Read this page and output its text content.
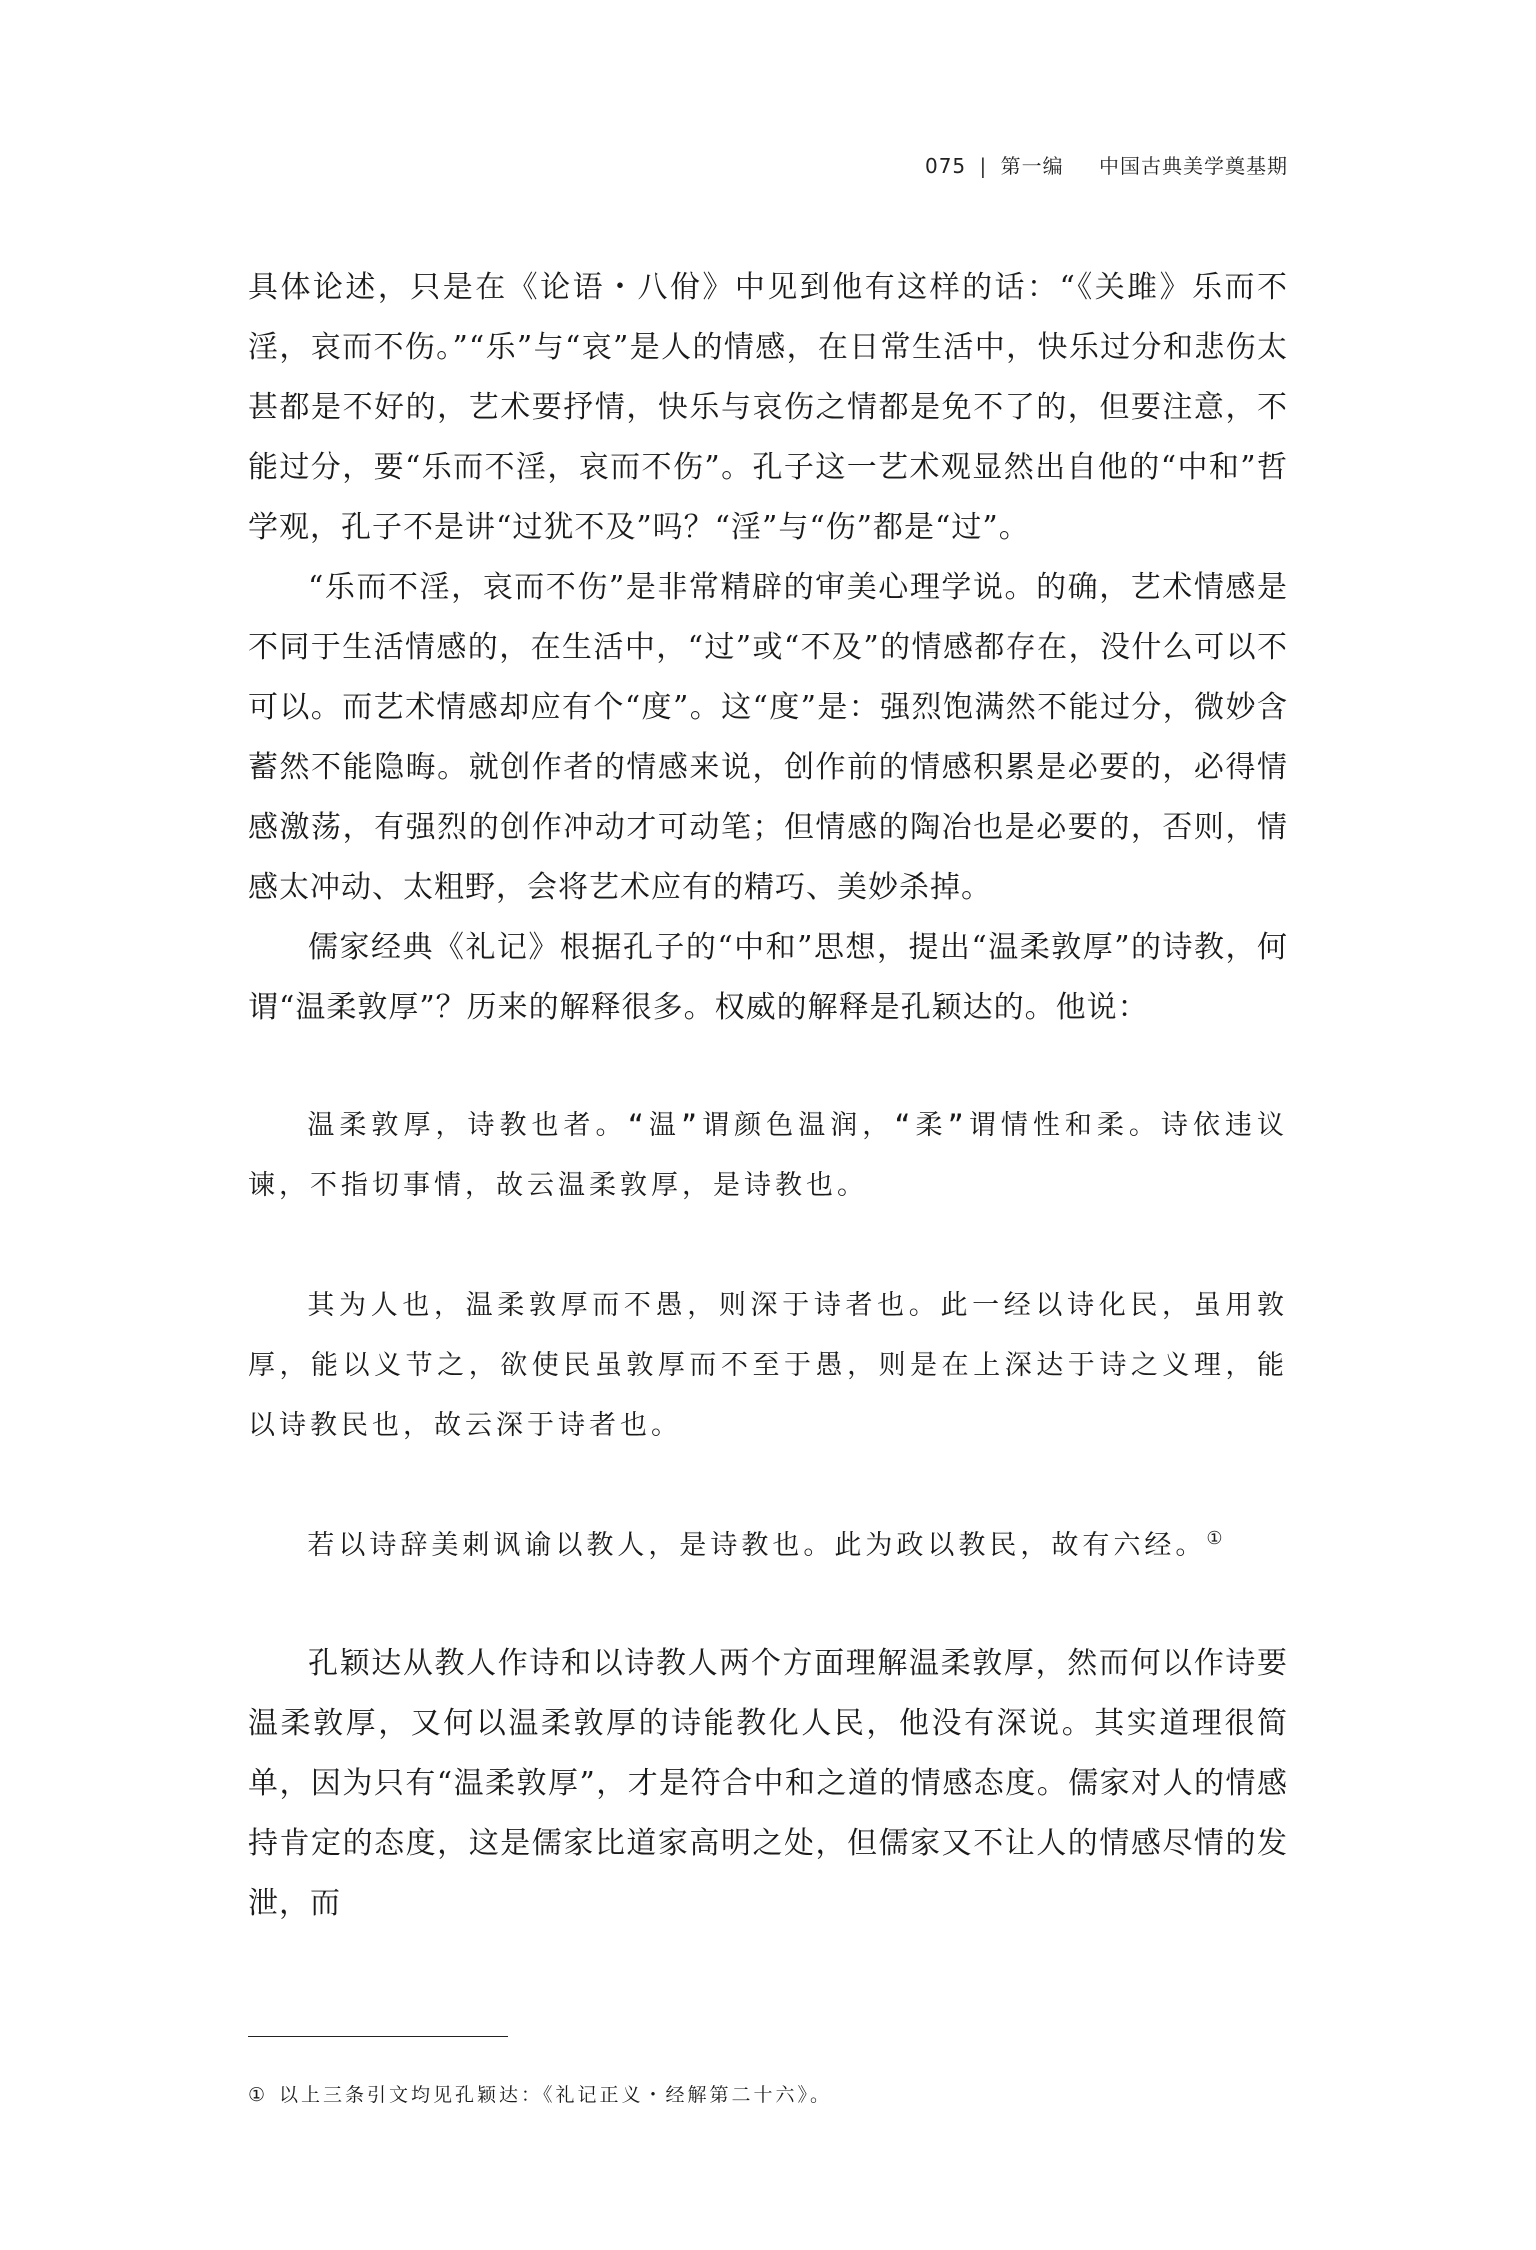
075 | 第一编 中国古典美学奠基期

具体论述，只是在《论语・八佾》中见到他有这样的话：“《关雎》乐而不淫，哀而不伤。”“乐”与“哀”是人的情感，在日常生活中，快乐过分和悲伤太甚都是不好的，艺术要抒情，快乐与哀伤之情都是免不了的，但要注意，不能过分，要“乐而不淫，哀而不伤”。孔子这一艺术观显然出自他的“中和”哲学观，孔子不是讲“过犹不及”吗？“淫”与“伤”都是“过”。

“乐而不淫，哀而不伤”是非常精辟的审美心理学说。的确，艺术情感是不同于生活情感的，在生活中，“过”或“不及”的情感都存在，没什么可以不可以。而艺术情感却应有个“度”。这“度”是：强烈饱满然不能过分，微妙含蓄然不能隐晦。就创作者的情感来说，创作前的情感积累是必要的，必得情感激荡，有强烈的创作冲动才可动笔；但情感的陶冶也是必要的，否则，情感太冲动、太粗野，会将艺术应有的精巧、美妙杀掉。

儒家经典《礼记》根据孔子的“中和”思想，提出“温柔敦厚”的诗教，何谓“温柔敦厚”？历来的解释很多。权威的解释是孔颖达的。他说：

温柔敦厚，诗教也者。“温”谓颜色温润，“柔”谓情性和柔。诗依违议谏，不指切事情，故云温柔敦厚，是诗教也。

其为人也，温柔敦厚而不愚，则深于诗者也。此一经以诗化民，虽用敦厚，能以义节之，欲使民虽敦厚而不至于愚，则是在上深达于诗之义理，能以诗教民也，故云深于诗者也。

若以诗辞美刺讽谕以教人，是诗教也。此为政以教民，故有六经。①

孔颖达从教人作诗和以诗教人两个方面理解温柔敦厚，然而何以作诗要温柔敦厚，又何以温柔敦厚的诗能教化人民，他没有深说。其实道理很简单，因为只有“温柔敦厚”，才是符合中和之道的情感态度。儒家对人的情感持肯定的态度，这是儒家比道家高明之处，但儒家又不让人的情感尽情的发泄，而

① 以上三条引文均见孔颖达：《礼记正义・经解第二十六》。
